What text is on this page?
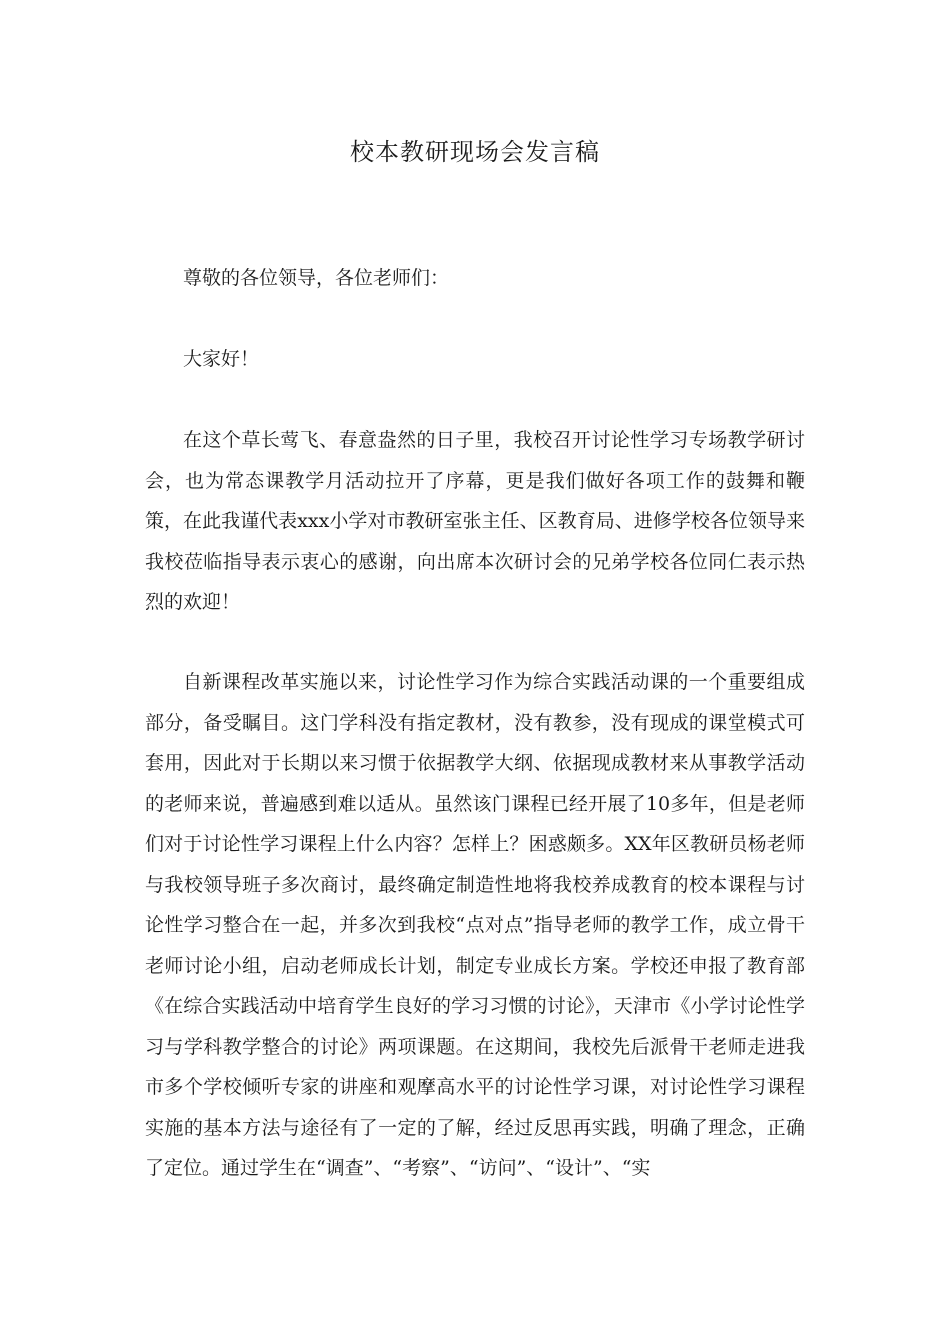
校本教研现场会发言稿

尊敬的各位领导，各位老师们：

大家好！

在这个草长莺飞、春意盎然的日子里，我校召开讨论性学习专场教学研讨会，也为常态课教学月活动拉开了序幕，更是我们做好各项工作的鼓舞和鞭策，在此我谨代表xxx小学对市教研室张主任、区教育局、进修学校各位领导来我校莅临指导表示衷心的感谢，向出席本次研讨会的兄弟学校各位同仁表示热烈的欢迎！

自新课程改革实施以来，讨论性学习作为综合实践活动课的一个重要组成部分，备受瞩目。这门学科没有指定教材，没有教参，没有现成的课堂模式可套用，因此对于长期以来习惯于依据教学大纲、依据现成教材来从事教学活动的老师来说，普遍感到难以适从。虽然该门课程已经开展了10多年，但是老师们对于讨论性学习课程上什么内容？怎样上？困惑颇多。XX年区教研员杨老师与我校领导班子多次商讨，最终确定制造性地将我校养成教育的校本课程与讨论性学习整合在一起，并多次到我校“点对点”指导老师的教学工作，成立骨干老师讨论小组，启动老师成长计划，制定专业成长方案。学校还申报了教育部《在综合实践活动中培育学生良好的学习习惯的讨论》，天津市《小学讨论性学习与学科教学整合的讨论》两项课题。在这期间，我校先后派骨干老师走进我市多个学校倾听专家的讲座和观摩高水平的讨论性学习课，对讨论性学习课程实施的基本方法与途径有了一定的了解，经过反思再实践，明确了理念，正确了定位。通过学生在“调查”、“考察”、“访问”、“设计”、“实
